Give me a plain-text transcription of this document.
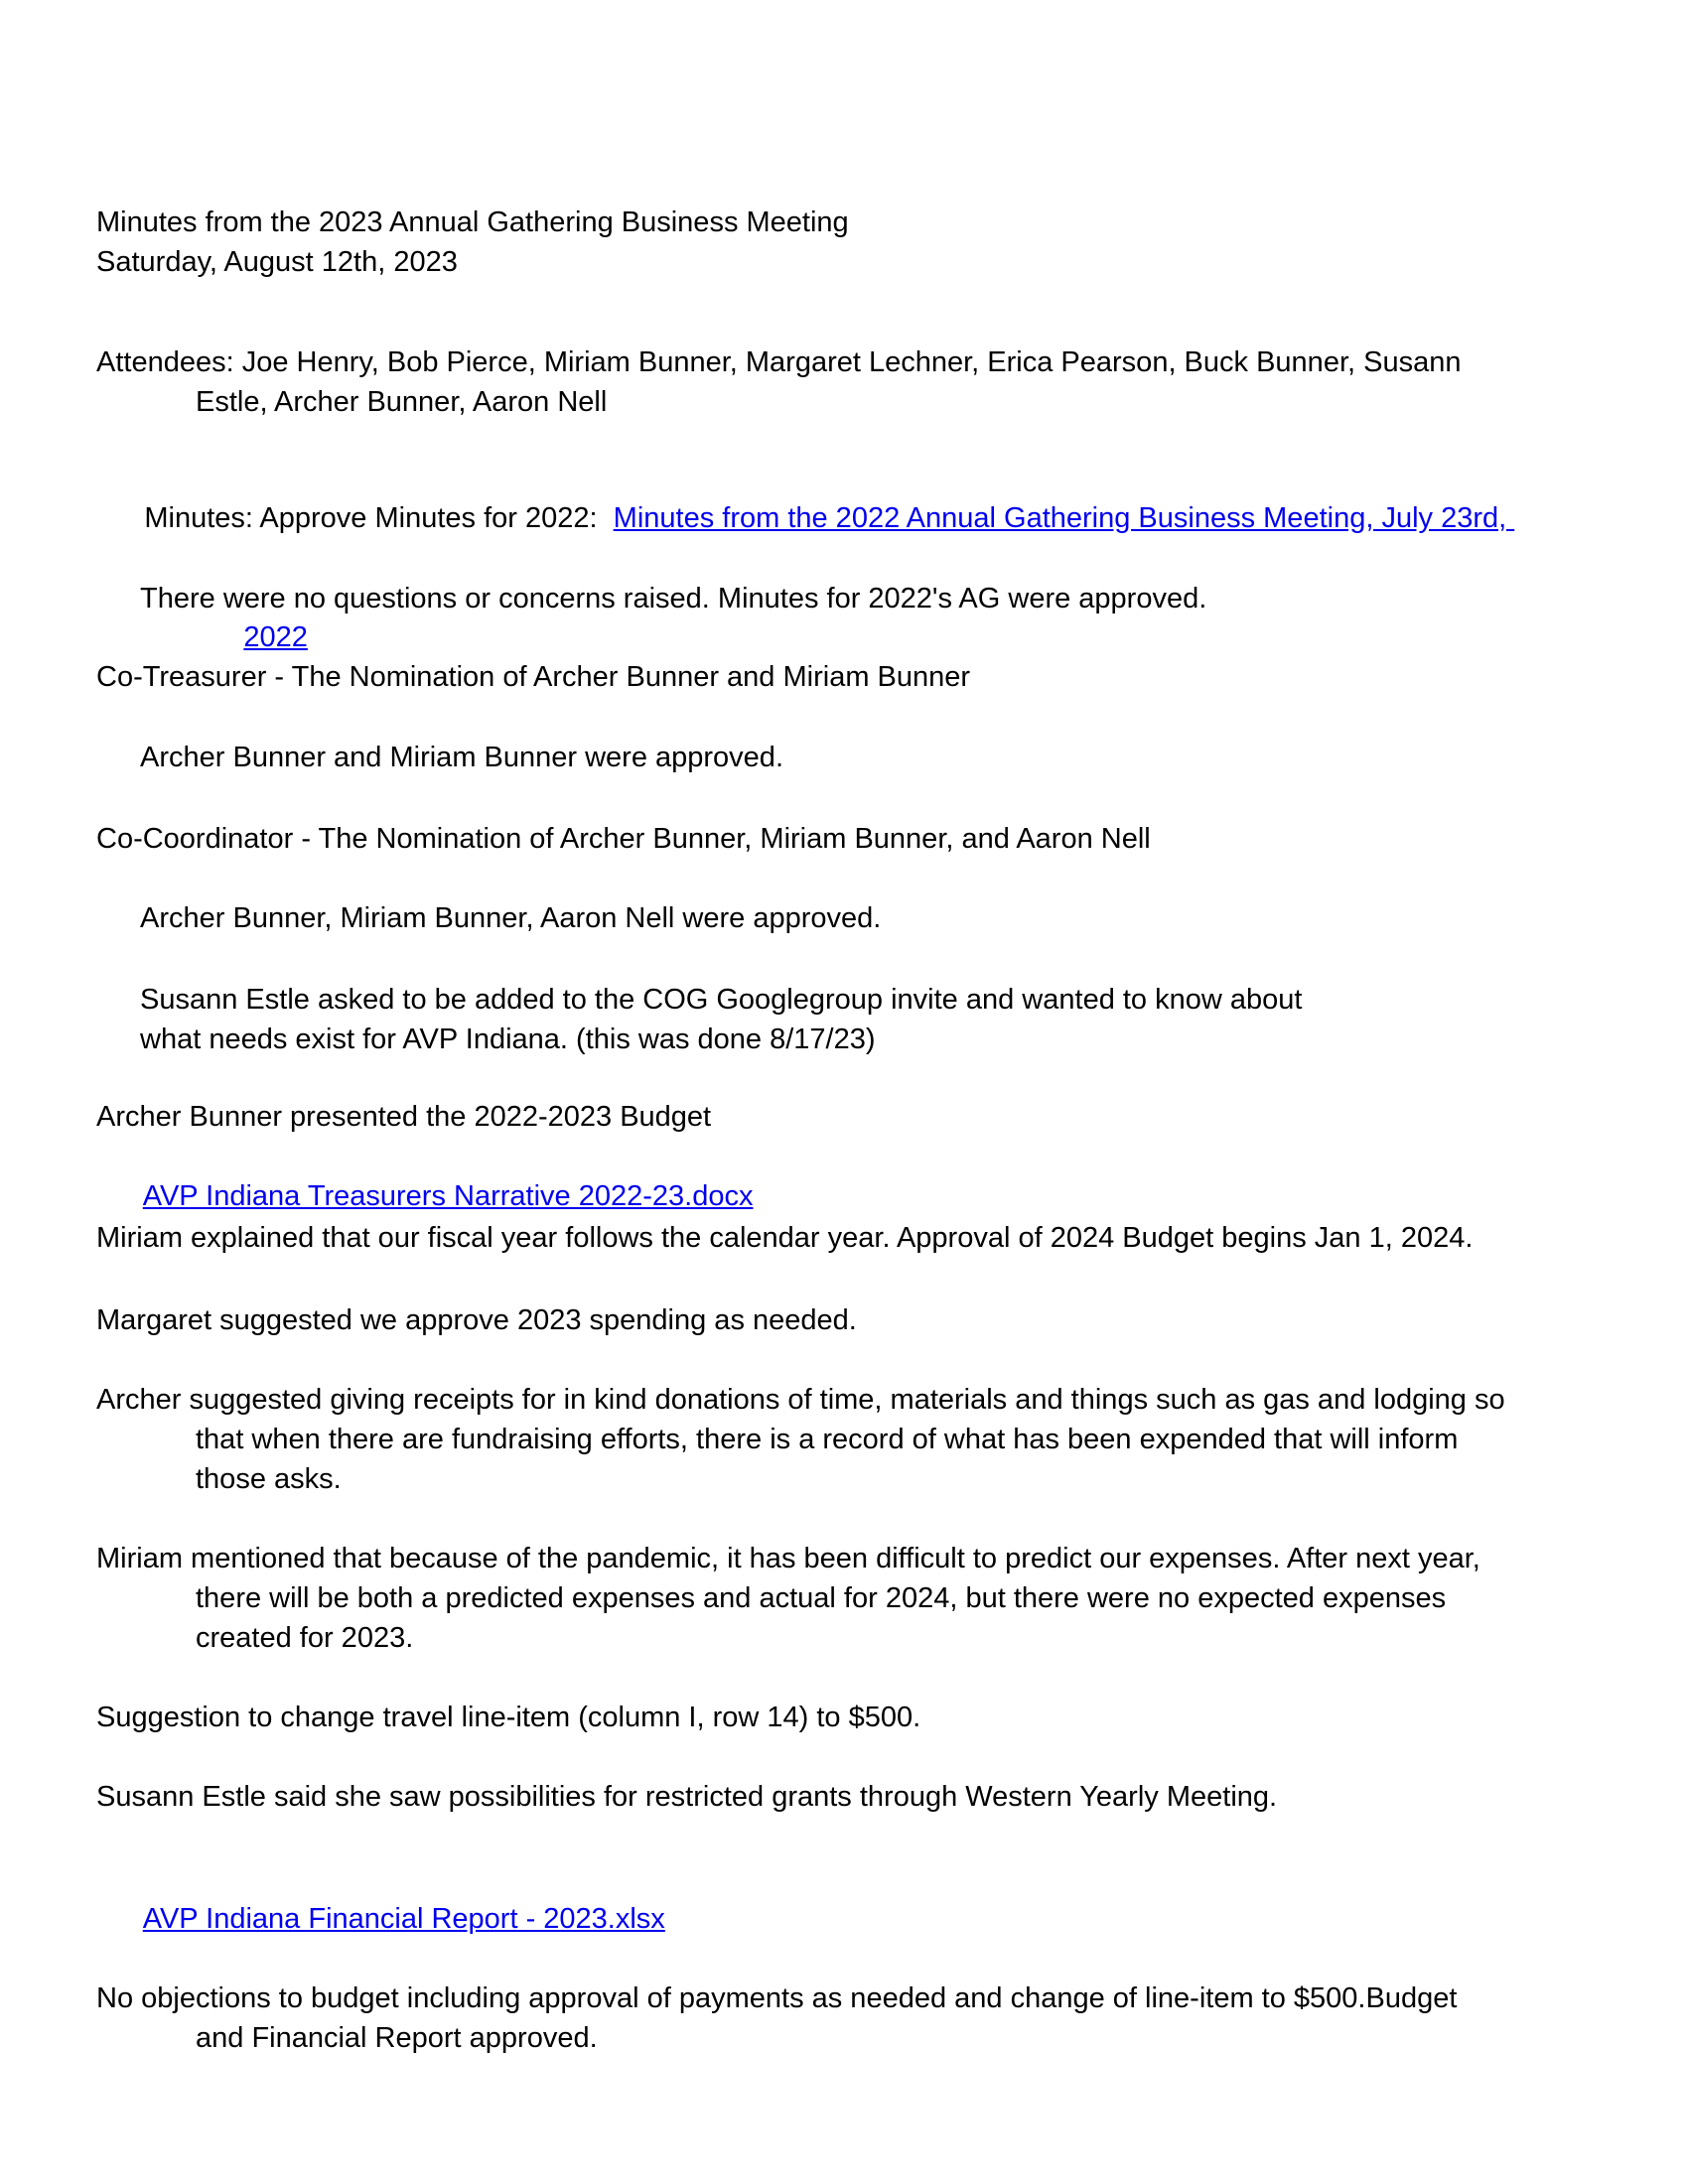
Minutes from the 2023 Annual Gathering Business Meeting
Saturday, August 12th, 2023
Attendees: Joe Henry, Bob Pierce, Miriam Bunner, Margaret Lechner, Erica Pearson, Buck Bunner, Susann
Estle, Archer Bunner, Aaron Nell

Minutes: Approve Minutes for 2022:  Minutes from the 2022 Annual Gathering Business Meeting, July 23rd,

2022

There were no questions or concerns raised. Minutes for 2022's AG were approved.
Co-Treasurer - The Nomination of Archer Bunner and Miriam Bunner
Archer Bunner and Miriam Bunner were approved.
Co-Coordinator - The Nomination of Archer Bunner, Miriam Bunner, and Aaron Nell
Archer Bunner, Miriam Bunner, Aaron Nell were approved.
Susann Estle asked to be added to the COG Googlegroup invite and wanted to know about
what needs exist for AVP Indiana. (this was done 8/17/23)
Archer Bunner presented the 2022-2023 Budget

AVP Indiana Treasurers Narrative 2022-23.docx

Miriam explained that our fiscal year follows the calendar year. Approval of 2024 Budget begins Jan 1, 2024.
Margaret suggested we approve 2023 spending as needed.
Archer suggested giving receipts for in kind donations of time, materials and things such as gas and lodging so
that when there are fundraising efforts, there is a record of what has been expended that will inform
those asks.
Miriam mentioned that because of the pandemic, it has been difficult to predict our expenses. After next year,
there will be both a predicted expenses and actual for 2024, but there were no expected expenses
created for 2023.
Suggestion to change travel line-item (column I, row 14) to $500.
Susann Estle said she saw possibilities for restricted grants through Western Yearly Meeting.

AVP Indiana Financial Report - 2023.xlsx

No objections to budget including approval of payments as needed and change of line-item to $500.Budget
and Financial Report approved.
